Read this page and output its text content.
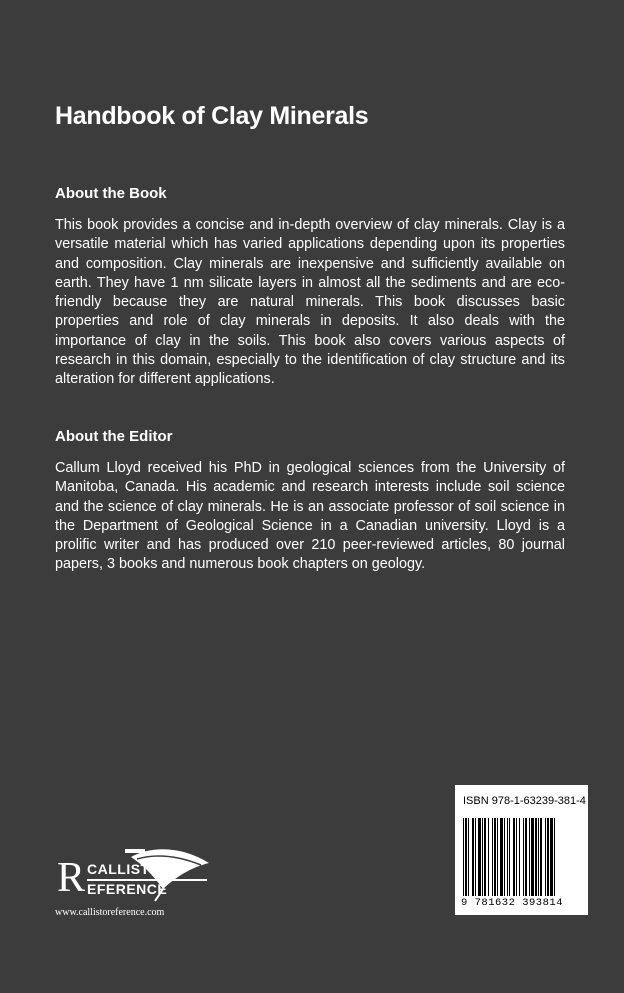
Handbook of Clay Minerals
About the Book

This book provides a concise and in-depth overview of clay minerals. Clay is a versatile material which has varied applications depending upon its properties and composition. Clay minerals are inexpensive and sufficiently available on earth. They have 1 nm silicate layers in almost all the sediments and are eco-friendly because they are natural minerals. This book discusses basic properties and role of clay minerals in deposits. It also deals with the importance of clay in the soils. This book also covers various aspects of research in this domain, especially to the identification of clay structure and its alteration for different applications.

About the Editor

Callum Lloyd received his PhD in geological sciences from the University of Manitoba, Canada. His academic and research interests include soil science and the science of clay minerals. He is an associate professor of soil science in the Department of Geological Science in a Canadian university. Lloyd is a prolific writer and has produced over 210 peer-reviewed articles, 80 journal papers, 3 books and numerous book chapters on geology.

ISBN 978-1-63239-381-4
9 781632 393814
R CALLISTO
EFERENCE
www.callistoreference.com
